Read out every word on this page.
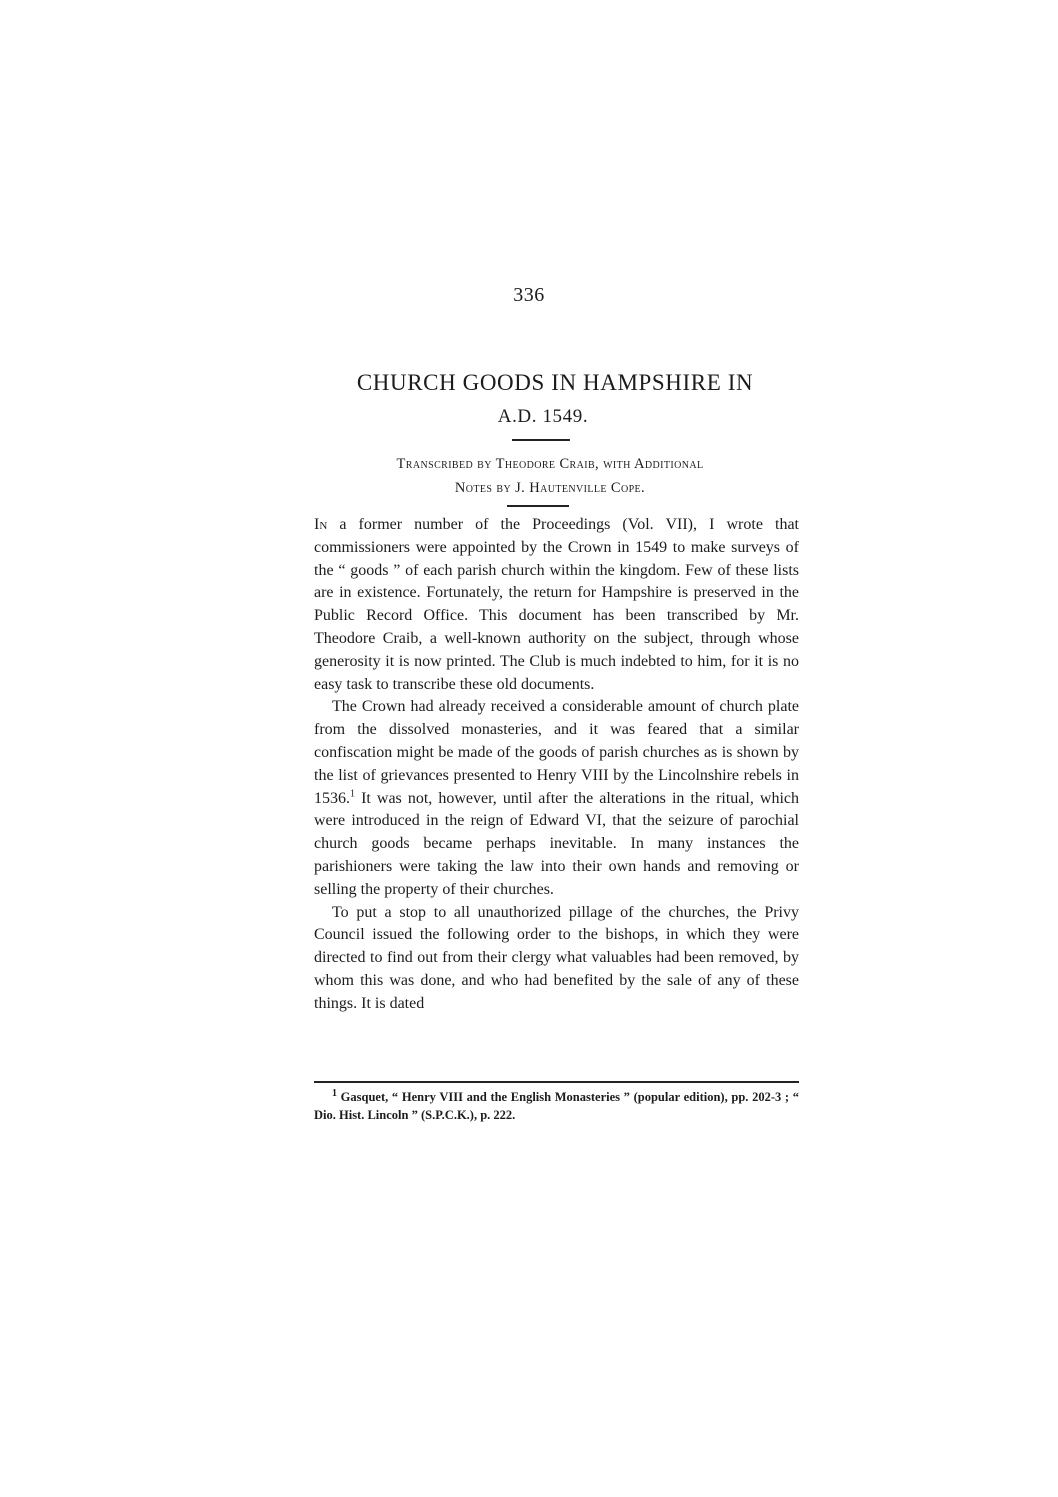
336
CHURCH GOODS IN HAMPSHIRE IN
A.D. 1549.
Transcribed by Theodore Craib, with Additional
Notes by J. Hautenville Cope.

In a former number of the Proceedings (Vol. VII), I wrote that commissioners were appointed by the Crown in 1549 to make surveys of the “ goods ” of each parish church within the kingdom. Few of these lists are in existence. Fortunately, the return for Hampshire is preserved in the Public Record Office. This document has been transcribed by Mr. Theodore Craib, a well-known authority on the subject, through whose generosity it is now printed. The Club is much indebted to him, for it is no easy task to transcribe these old documents.

The Crown had already received a considerable amount of church plate from the dissolved monasteries, and it was feared that a similar confiscation might be made of the goods of parish churches as is shown by the list of grievances presented to Henry VIII by the Lincolnshire rebels in 1536.$^1$ It was not, however, until after the alterations in the ritual, which were introduced in the reign of Edward VI, that the seizure of parochial church goods became perhaps inevitable. In many instances the parishioners were taking the law into their own hands and removing or selling the property of their churches.

To put a stop to all unauthorized pillage of the churches, the Privy Council issued the following order to the bishops, in which they were directed to find out from their clergy what valuables had been removed, by whom this was done, and who had benefited by the sale of any of these things. It is dated

$^1$ Gasquet, “ Henry VIII and the English Monasteries ” (popular edition), pp. 202-3 ; “ Dio. Hist. Lincoln ” (S.P.C.K.), p. 222.
